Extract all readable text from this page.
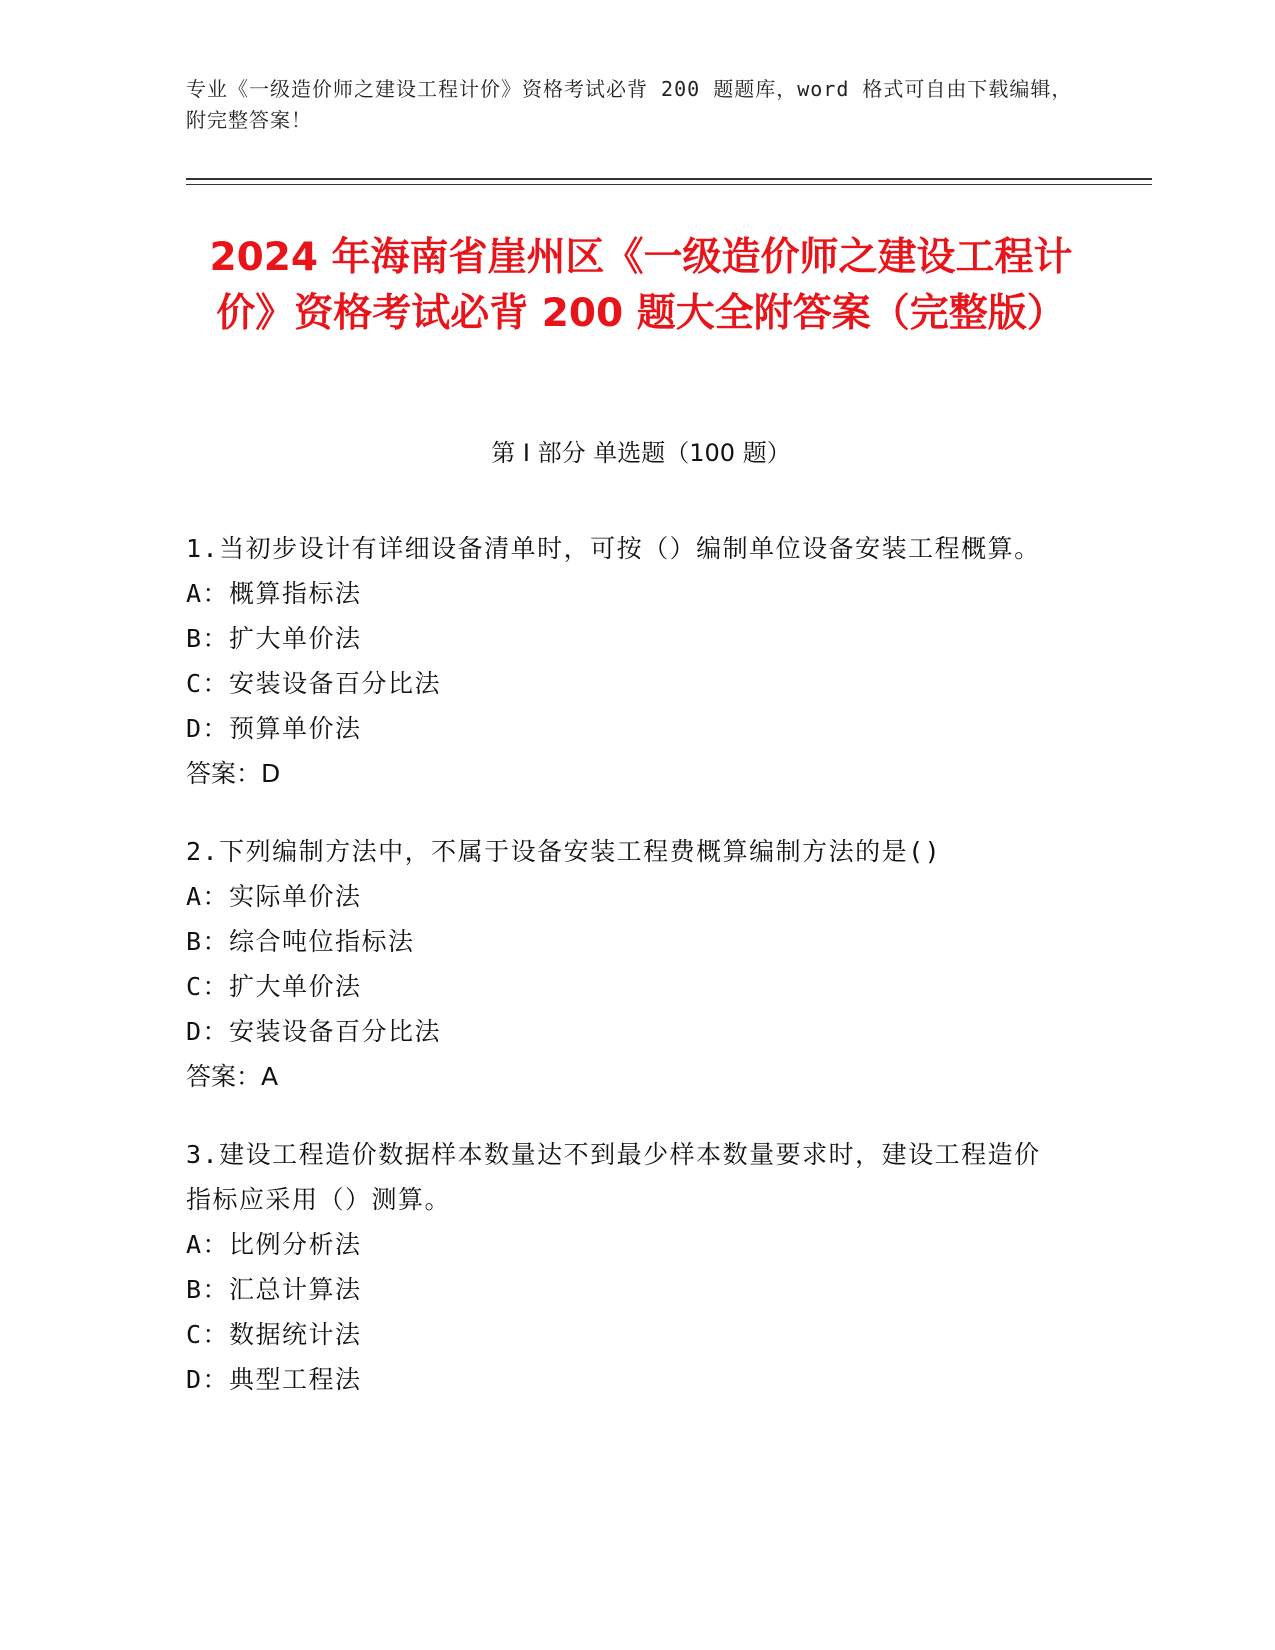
专业《一级造价师之建设工程计价》资格考试必背 200 题题库，word 格式可自由下载编辑，附完整答案！
2024 年海南省崖州区《一级造价师之建设工程计价》资格考试必背 200 题大全附答案（完整版）
第 I 部分 单选题（100 题）
1.当初步设计有详细设备清单时，可按（）编制单位设备安装工程概算。
A：概算指标法
B：扩大单价法
C：安装设备百分比法
D：预算单价法
答案：D
2.下列编制方法中，不属于设备安装工程费概算编制方法的是()
A：实际单价法
B：综合吨位指标法
C：扩大单价法
D：安装设备百分比法
答案：A
3.建设工程造价数据样本数量达不到最少样本数量要求时，建设工程造价指标应采用（）测算。
A：比例分析法
B：汇总计算法
C：数据统计法
D：典型工程法
